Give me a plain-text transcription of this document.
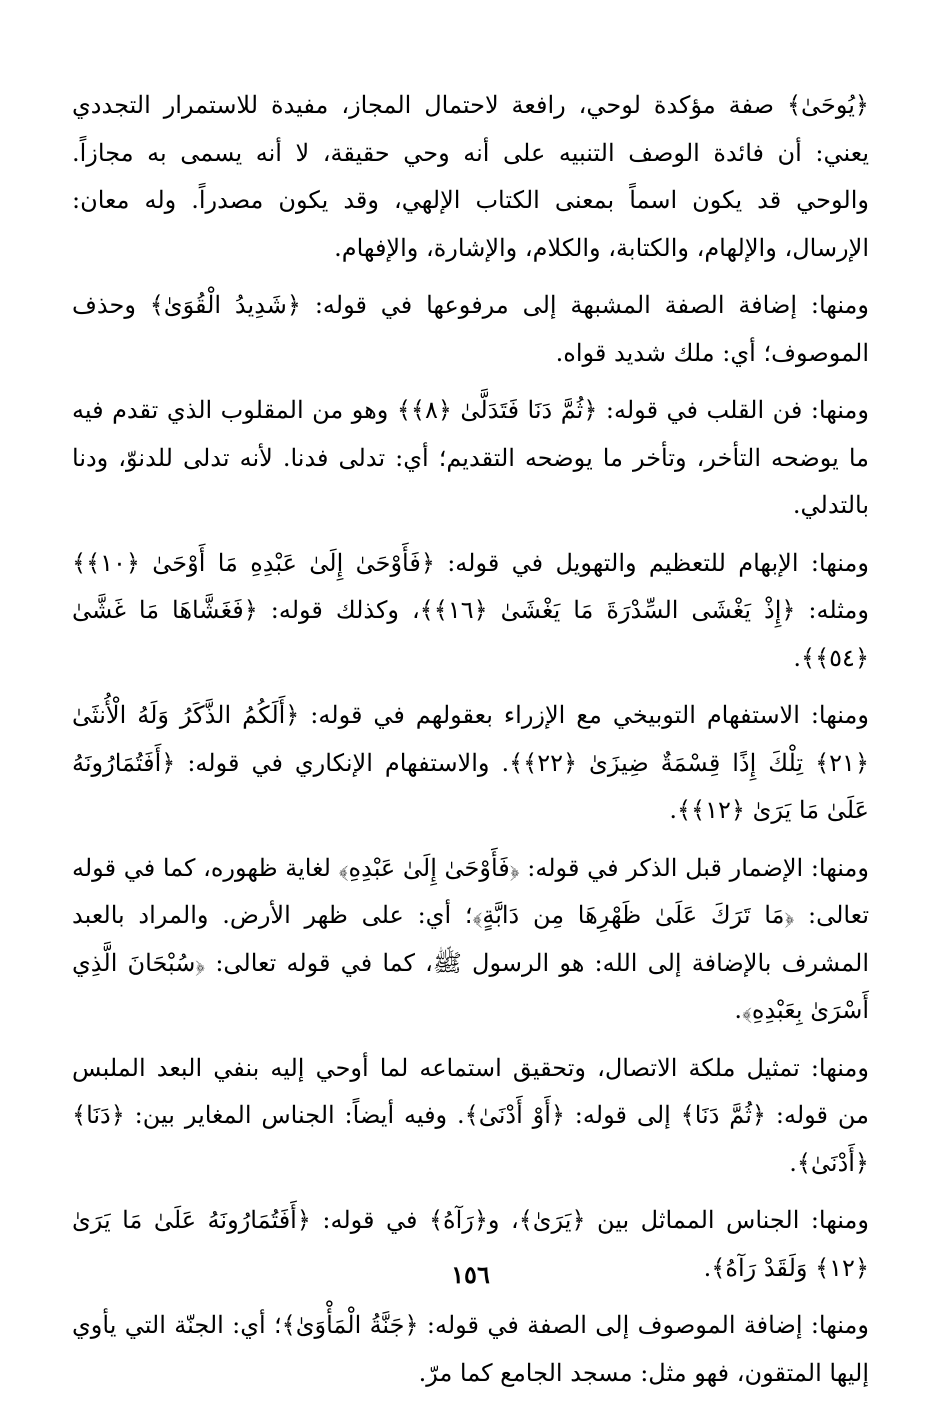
﴿يُوحَىٰ﴾ صفة مؤكدة لوحي، رافعة لاحتمال المجاز، مفيدة للاستمرار التجددي يعني: أن فائدة الوصف التنبيه على أنه وحي حقيقة، لا أنه يسمى به مجازاً. والوحي قد يكون اسماً بمعنى الكتاب الإلهي، وقد يكون مصدراً. وله معان: الإرسال، والإلهام، والكتابة، والكلام، والإشارة، والإفهام.

ومنها: إضافة الصفة المشبهة إلى مرفوعها في قوله: ﴿شَدِيدُ الْقُوَىٰ﴾ وحذف الموصوف؛ أي: ملك شديد قواه.

ومنها: فن القلب في قوله: ﴿ثُمَّ دَنَا فَتَدَلَّىٰ ﴿٨﴾﴾ وهو من المقلوب الذي تقدم فيه ما يوضحه التأخر، وتأخر ما يوضحه التقديم؛ أي: تدلى فدنا. لأنه تدلى للدنوّ، ودنا بالتدلي.

ومنها: الإبهام للتعظيم والتهويل في قوله: ﴿فَأَوْحَىٰ إِلَىٰ عَبْدِهِ مَا أَوْحَىٰ ﴿١٠﴾﴾ ومثله: ﴿إِذْ يَغْشَى السِّدْرَةَ مَا يَغْشَىٰ ﴿١٦﴾﴾، وكذلك قوله: ﴿فَغَشَّاهَا مَا غَشَّىٰ ﴿٥٤﴾﴾.

ومنها: الاستفهام التوبيخي مع الإزراء بعقولهم في قوله: ﴿أَلَكُمُ الذَّكَرُ وَلَهُ الْأُنثَىٰ ﴿٢١﴾ تِلْكَ إِذًا قِسْمَةٌ ضِيزَىٰ ﴿٢٢﴾﴾. والاستفهام الإنكاري في قوله: ﴿أَفَتُمَارُونَهُ عَلَىٰ مَا يَرَىٰ ﴿١٢﴾﴾.

ومنها: الإضمار قبل الذكر في قوله: ﴿فَأَوْحَىٰ إِلَىٰ عَبْدِهِ﴾ لغاية ظهوره، كما في قوله تعالى: ﴿مَا تَرَكَ عَلَىٰ ظَهْرِهَا مِن دَابَّةٍ﴾؛ أي: على ظهر الأرض. والمراد بالعبد المشرف بالإضافة إلى الله: هو الرسول ﷺ، كما في قوله تعالى: ﴿سُبْحَانَ الَّذِي أَسْرَىٰ بِعَبْدِهِ﴾.

ومنها: تمثيل ملكة الاتصال، وتحقيق استماعه لما أوحي إليه بنفي البعد الملبس من قوله: ﴿ثُمَّ دَنَا﴾ إلى قوله: ﴿أَوْ أَدْنَىٰ﴾. وفيه أيضاً: الجناس المغاير بين: ﴿دَنَا﴾ ﴿أَدْنَىٰ﴾.

ومنها: الجناس المماثل بين ﴿يَرَىٰ﴾، و﴿رَآهُ﴾ في قوله: ﴿أَفَتُمَارُونَهُ عَلَىٰ مَا يَرَىٰ ﴿١٢﴾ وَلَقَدْ رَآهُ﴾.

ومنها: إضافة الموصوف إلى الصفة في قوله: ﴿جَنَّةُ الْمَأْوَىٰ﴾؛ أي: الجنّة التي يأوي إليها المتقون، فهو مثل: مسجد الجامع كما مرّ.

١٥٦
